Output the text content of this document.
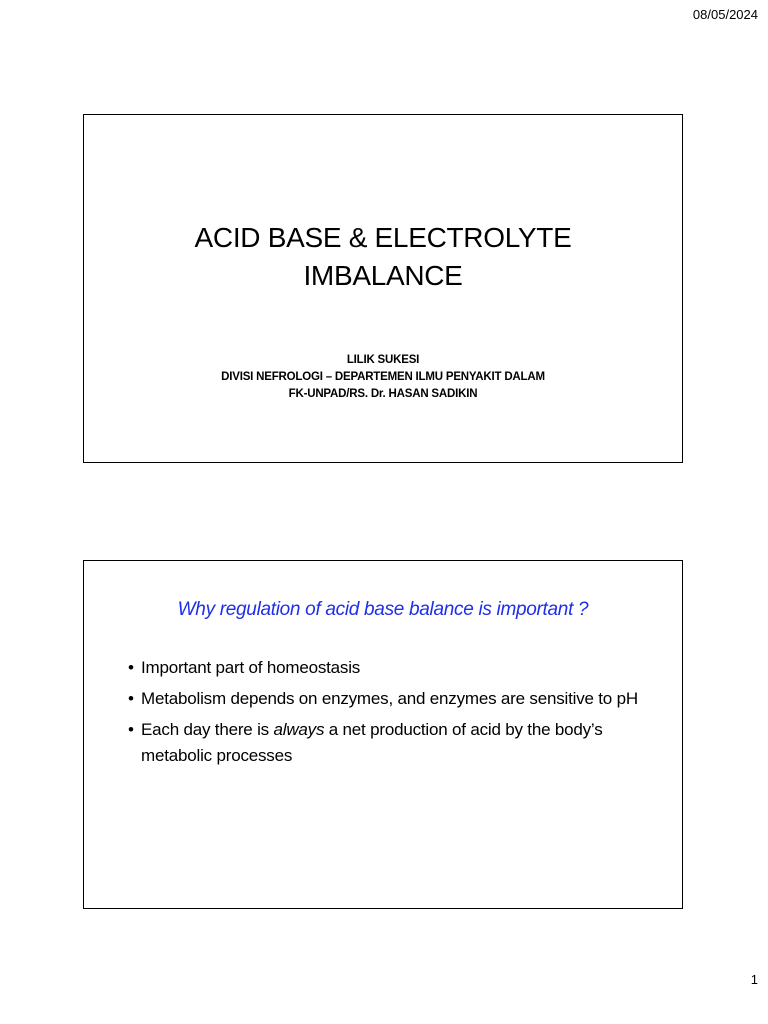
08/05/2024
ACID BASE & ELECTROLYTE
IMBALANCE
LILIK SUKESI
DIVISI NEFROLOGI – DEPARTEMEN ILMU PENYAKIT DALAM
FK-UNPAD/RS. Dr. HASAN SADIKIN
Why regulation of acid base balance is important ?
• Important part of homeostasis
• Metabolism depends on enzymes, and enzymes are sensitive to pH
• Each day there is always a net production of acid by the body’s metabolic processes
1
